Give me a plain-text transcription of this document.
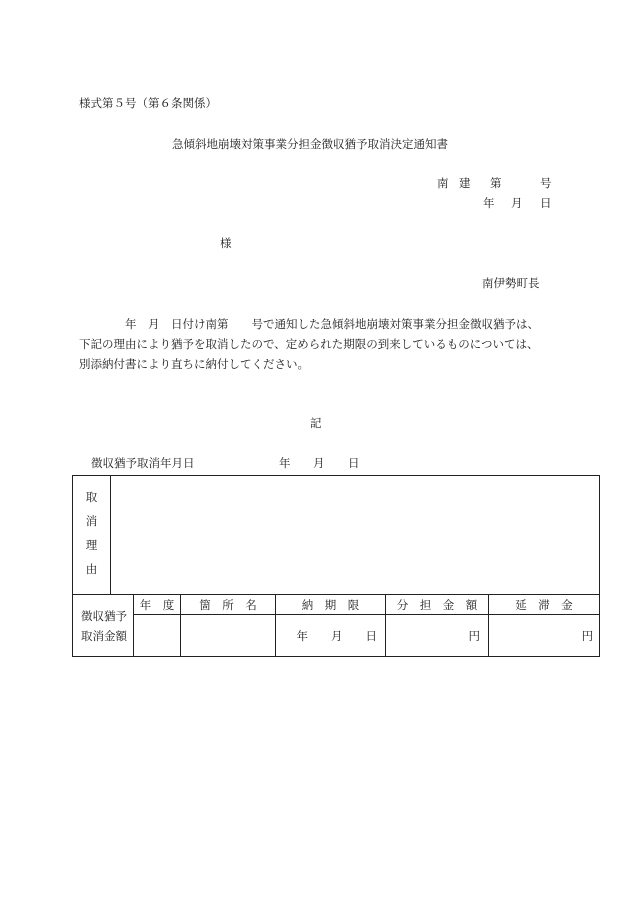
様式第５号（第６条関係）
急傾斜地崩壊対策事業分担金徴収猶予取消決定通知書
南 建 第	号
年 月 日
様
南伊勢町長
年　月　日付け南第　　号で通知した急傾斜地崩壊対策事業分担金徴収猶予は、
下記の理由により猶予を取消したので、定められた期限の到来しているものについては、
別添納付書により直ちに納付してください。
記
徴収猶予取消年月日	年 月 日
取
消
理
由						

徴収猶予
取消金額		年　度	箇　所　名	納　期　限	分　担　金　額	延　滞　金
				年　　月　　日	円	円
